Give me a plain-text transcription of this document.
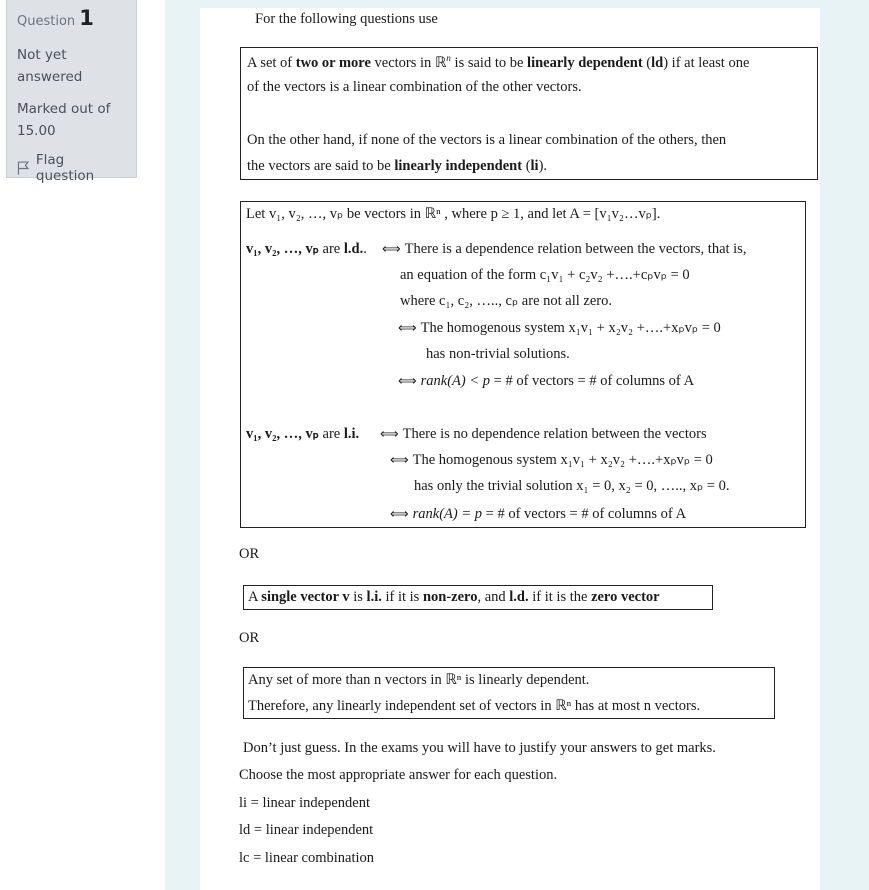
Question 1
Not yet
answered
Marked out of
15.00
Flag question
For the following questions use
A set of two or more vectors in ℝ$^n$ is said to be linearly dependent (ld) if at least one
of the vectors is a linear combination of the other vectors.
On the other hand, if none of the vectors is a linear combination of the others, then
the vectors are said to be linearly independent (li).
Let v₁, v₂, …, vₚ be vectors in ℝⁿ , where p ≥ 1, and let A = [v₁v₂…vₚ].
v₁, v₂, …, vₚ are l.d.. ⟺ There is a dependence relation between the vectors, that is,
an equation of the form c₁v₁ + c₂v₂ +….+cₚvₚ = 0
where c₁, c₂, ….., cₚ are not all zero.
⟺ The homogenous system x₁v₁ + x₂v₂ +….+xₚvₚ = 0
has non-trivial solutions.
⟺ rank(A) < p = # of vectors = # of columns of A
v₁, v₂, …, vₚ are l.i. ⟺ There is no dependence relation between the vectors
⟺ The homogenous system x₁v₁ + x₂v₂ +….+xₚvₚ = 0
has only the trivial solution x₁ = 0, x₂ = 0, ….., xₚ = 0.
⟺ rank(A) = p = # of vectors = # of columns of A
OR
A single vector v is l.i. if it is non-zero, and l.d. if it is the zero vector
OR
Any set of more than n vectors in ℝⁿ is linearly dependent.
Therefore, any linearly independent set of vectors in ℝⁿ has at most n vectors.
Don’t just guess. In the exams you will have to justify your answers to get marks.
Choose the most appropriate answer for each question.
li = linear independent
ld = linear independent
lc = linear combination
